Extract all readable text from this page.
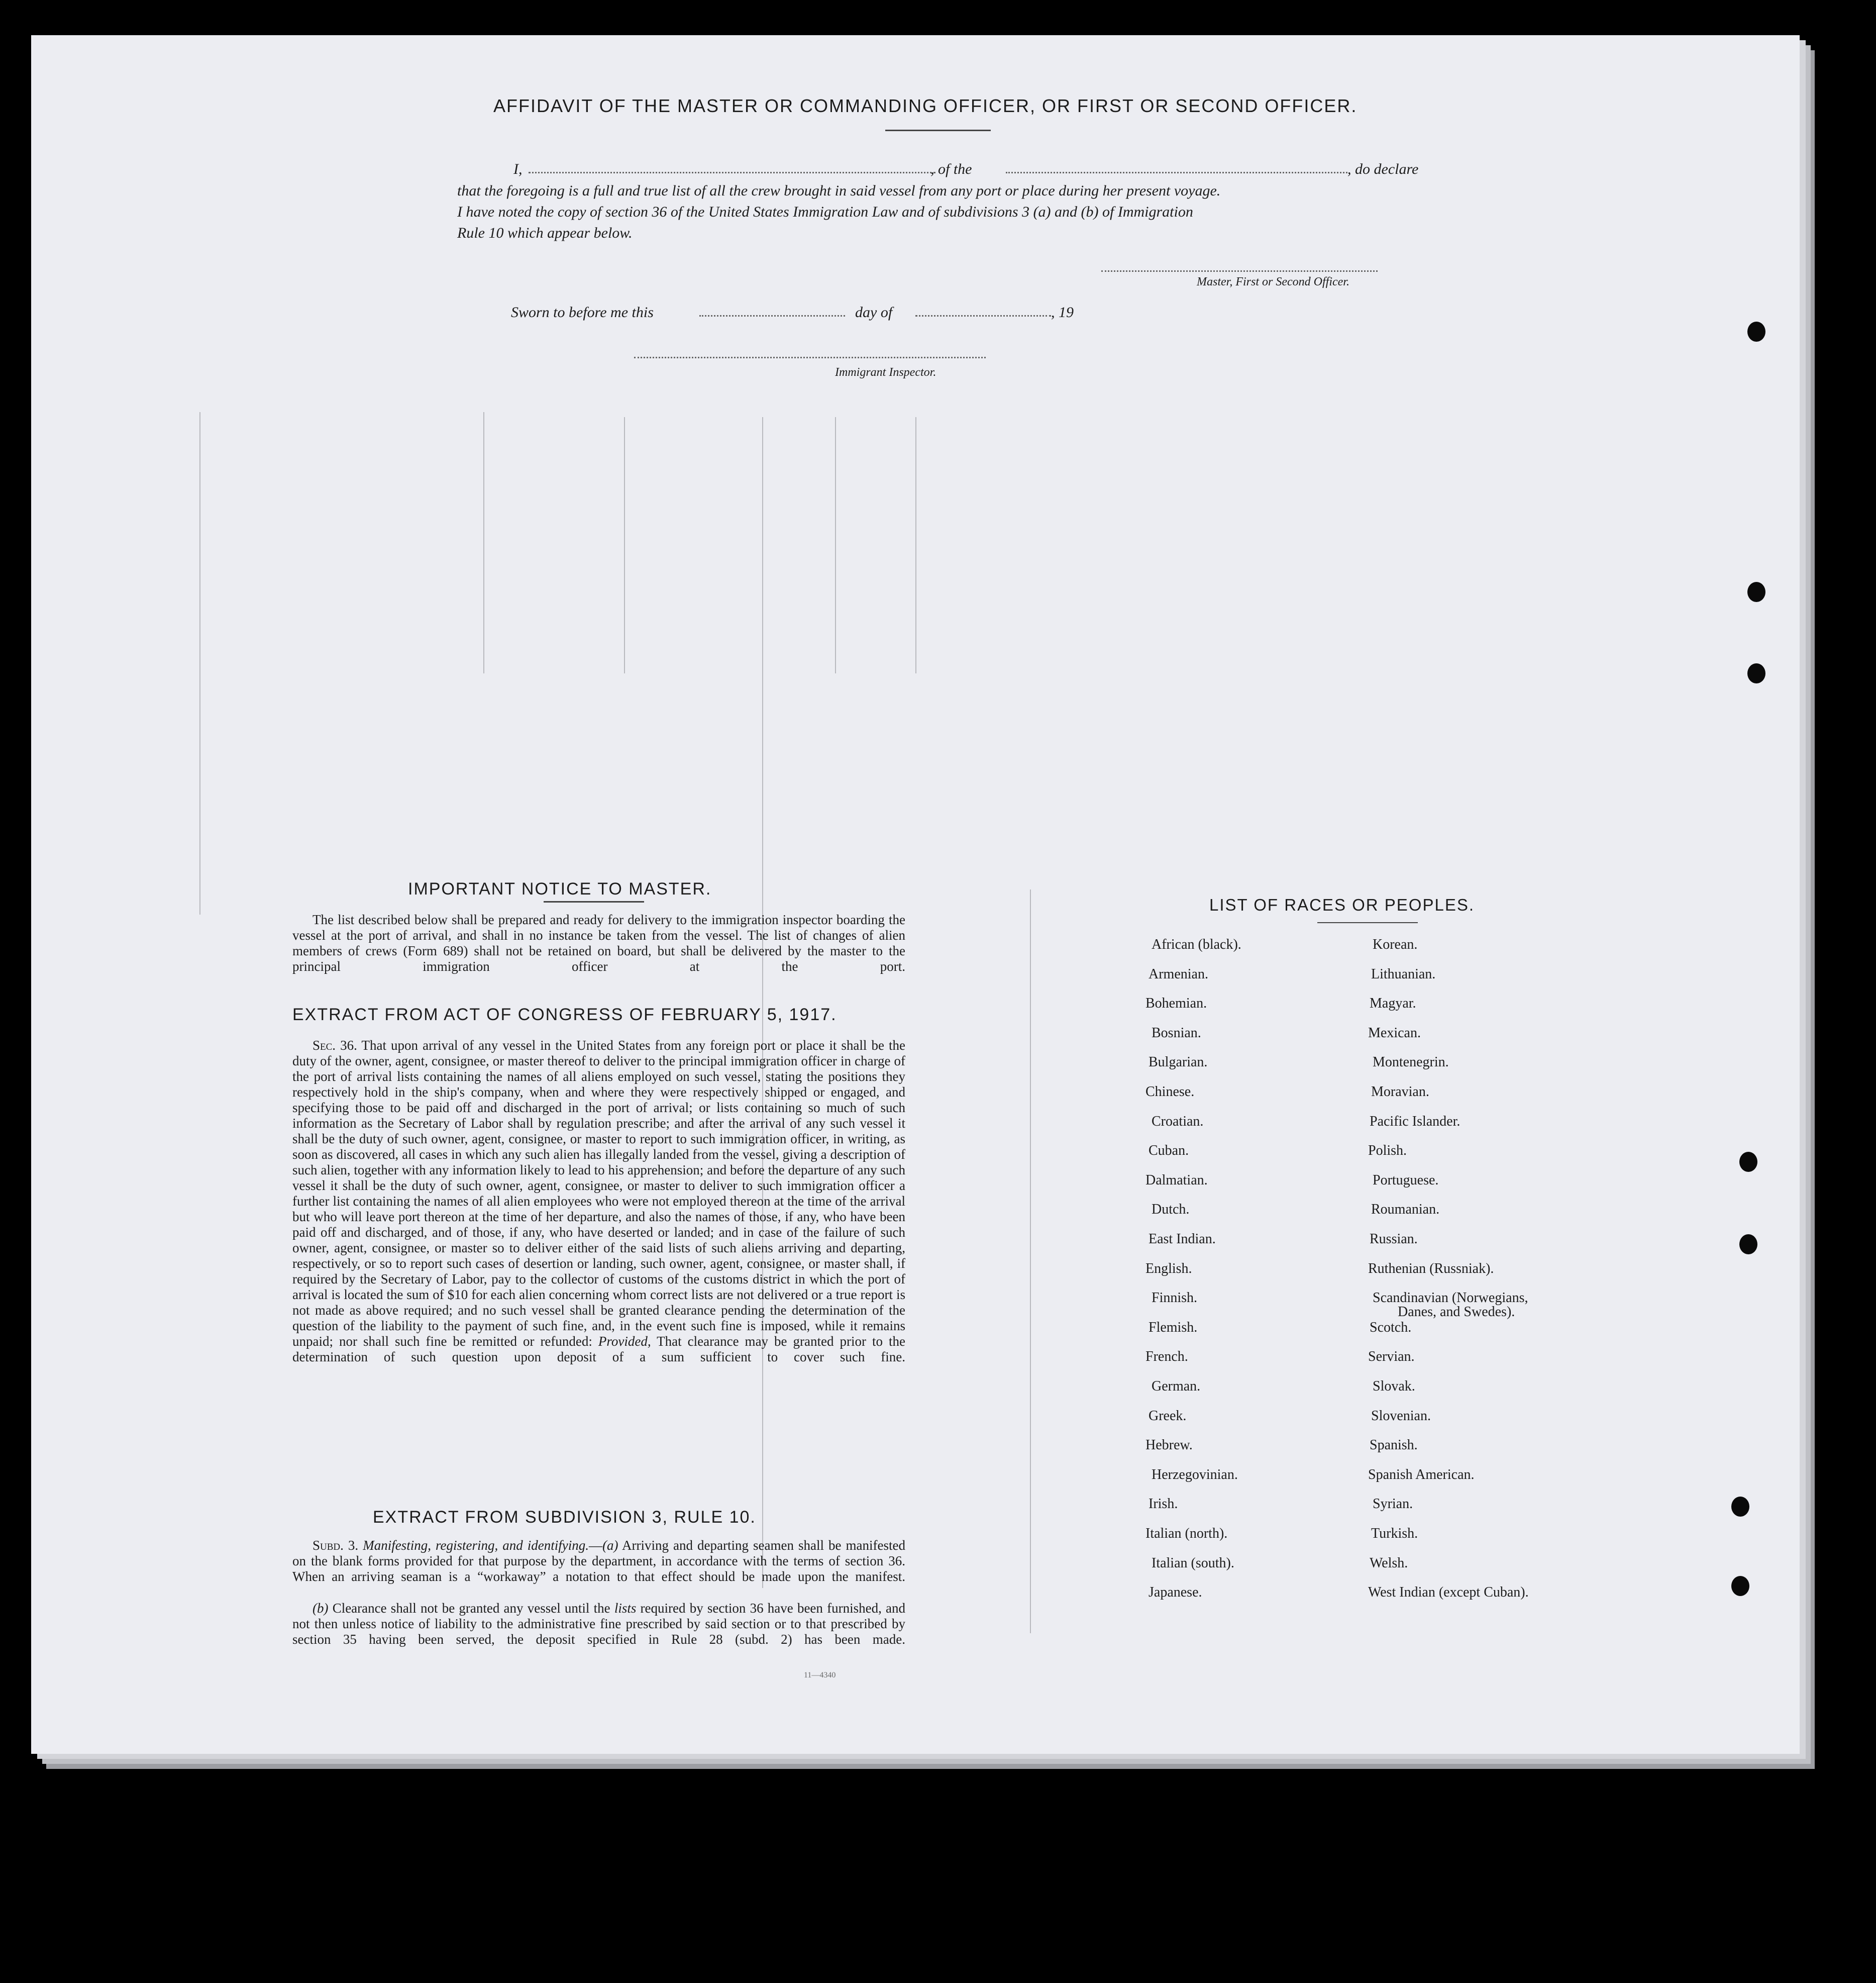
AFFIDAVIT OF THE MASTER OR COMMANDING OFFICER, OR FIRST OR SECOND OFFICER.
I,	, of the	, do declare
that the foregoing is a full and true list of all the crew brought in said vessel from any port or place during her present voyage.
I have noted the copy of section 36 of the United States Immigration Law and of subdivisions 3 (a) and (b) of Immigration
Rule 10 which appear below.
Master, First or Second Officer.
Sworn to before me this	day of	, 19
Immigrant Inspector.
IMPORTANT NOTICE TO MASTER.
The list described below shall be prepared and ready for delivery to the immigration inspector boarding the vessel at the port of arrival, and shall in no instance be taken from the vessel. The list of changes of alien members of crews (Form 689) shall not be retained on board, but shall be delivered by the master to the principal immigration officer at the port.
EXTRACT FROM ACT OF CONGRESS OF FEBRUARY 5, 1917.
Sec. 36. That upon arrival of any vessel in the United States from any foreign port or place it shall be the duty of the owner, agent, consignee, or master thereof to deliver to the principal immigration officer in charge of the port of arrival lists containing the names of all aliens employed on such vessel, stating the positions they respectively hold in the ship's company, when and where they were respectively shipped or engaged, and specifying those to be paid off and discharged in the port of arrival; or lists containing so much of such information as the Secretary of Labor shall by regulation prescribe; and after the arrival of any such vessel it shall be the duty of such owner, agent, consignee, or master to report to such immigration officer, in writing, as soon as discovered, all cases in which any such alien has illegally landed from the vessel, giving a description of such alien, together with any information likely to lead to his apprehension; and before the departure of any such vessel it shall be the duty of such owner, agent, consignee, or master to deliver to such immigration officer a further list containing the names of all alien employees who were not employed thereon at the time of the arrival but who will leave port thereon at the time of her departure, and also the names of those, if any, who have been paid off and discharged, and of those, if any, who have deserted or landed; and in case of the failure of such owner, agent, consignee, or master so to deliver either of the said lists of such aliens arriving and departing, respectively, or so to report such cases of desertion or landing, such owner, agent, consignee, or master shall, if required by the Secretary of Labor, pay to the collector of customs of the customs district in which the port of arrival is located the sum of $10 for each alien concerning whom correct lists are not delivered or a true report is not made as above required; and no such vessel shall be granted clearance pending the determination of the question of the liability to the payment of such fine, and, in the event such fine is imposed, while it remains unpaid; nor shall such fine be remitted or refunded: Provided, That clearance may be granted prior to the determination of such question upon deposit of a sum sufficient to cover such fine.
EXTRACT FROM SUBDIVISION 3, RULE 10.
Subd. 3. Manifesting, registering, and identifying.—(a) Arriving and departing seamen shall be manifested on the blank forms provided for that purpose by the department, in accordance with the terms of section 36. When an arriving seaman is a “workaway” a notation to that effect should be made upon the manifest.
(b) Clearance shall not be granted any vessel until the lists required by section 36 have been furnished, and not then unless notice of liability to the administrative fine prescribed by said section or to that prescribed by section 35 having been served, the deposit specified in Rule 28 (subd. 2) has been made.
11—4340
LIST OF RACES OR PEOPLES.
African (black).
Armenian.
Bohemian.
Bosnian.
Bulgarian.
Chinese.
Croatian.
Cuban.
Dalmatian.
Dutch.
East Indian.
English.
Finnish.
Flemish.
French.
German.
Greek.
Hebrew.
Herzegovinian.
Irish.
Italian (north).
Italian (south).
Japanese.
Korean.
Lithuanian.
Magyar.
Mexican.
Montenegrin.
Moravian.
Pacific Islander.
Polish.
Portuguese.
Roumanian.
Russian.
Ruthenian (Russniak).
Scandinavian (Norwegians,
Danes, and Swedes).
Scotch.
Servian.
Slovak.
Slovenian.
Spanish.
Spanish American.
Syrian.
Turkish.
Welsh.
West Indian (except Cuban).
